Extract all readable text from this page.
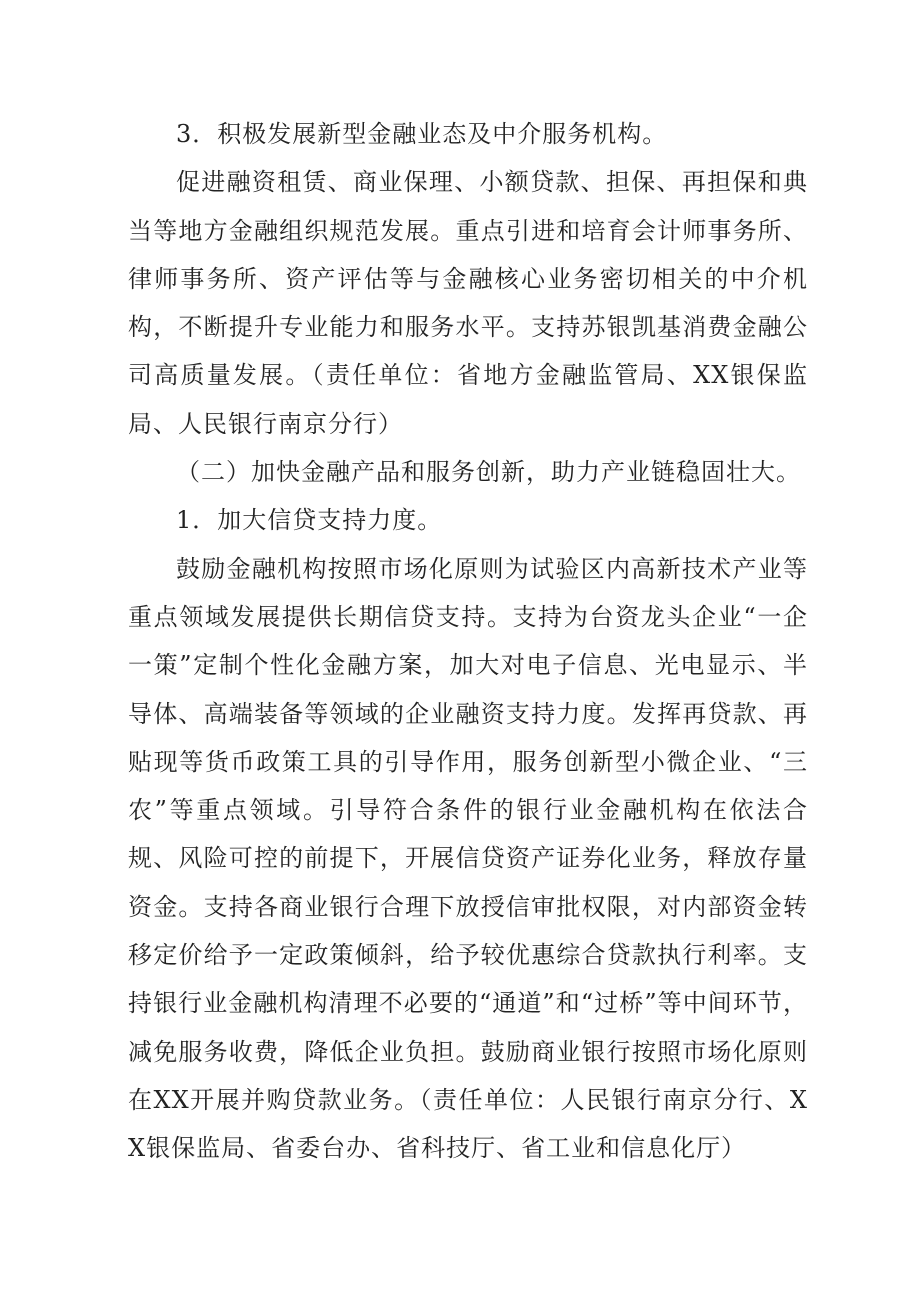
3．积极发展新型金融业态及中介服务机构。

促进融资租赁、商业保理、小额贷款、担保、再担保和典当等地方金融组织规范发展。重点引进和培育会计师事务所、律师事务所、资产评估等与金融核心业务密切相关的中介机构，不断提升专业能力和服务水平。支持苏银凯基消费金融公司高质量发展。（责任单位：省地方金融监管局、XX银保监局、人民银行南京分行）

（二）加快金融产品和服务创新，助力产业链稳固壮大。

1．加大信贷支持力度。

鼓励金融机构按照市场化原则为试验区内高新技术产业等重点领域发展提供长期信贷支持。支持为台资龙头企业“一企一策”定制个性化金融方案，加大对电子信息、光电显示、半导体、高端装备等领域的企业融资支持力度。发挥再贷款、再贴现等货币政策工具的引导作用，服务创新型小微企业、“三农”等重点领域。引导符合条件的银行业金融机构在依法合规、风险可控的前提下，开展信贷资产证券化业务，释放存量资金。支持各商业银行合理下放授信审批权限，对内部资金转移定价给予一定政策倾斜，给予较优惠综合贷款执行利率。支持银行业金融机构清理不必要的“通道”和“过桥”等中间环节，减免服务收费，降低企业负担。鼓励商业银行按照市场化原则在XX开展并购贷款业务。（责任单位：人民银行南京分行、XX银保监局、省委台办、省科技厅、省工业和信息化厅）
